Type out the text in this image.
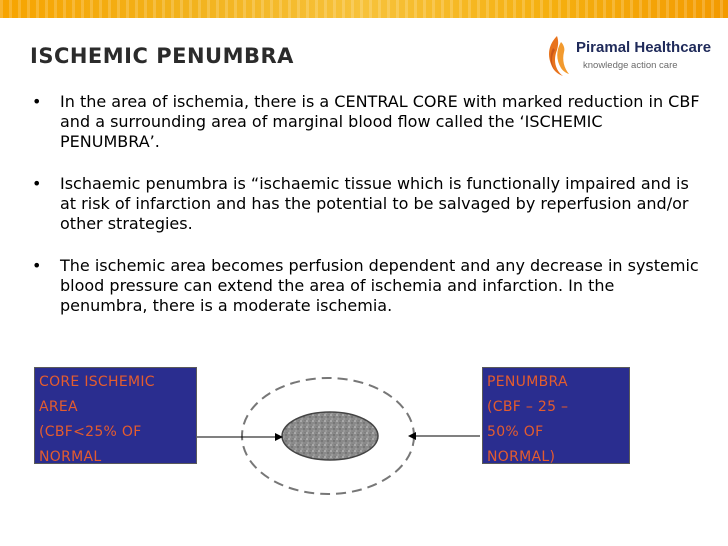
ISCHEMIC PENUMBRA	Piramal Healthcare
knowledge action care
• In the area of ischemia, there is a CENTRAL CORE with marked reduction in CBF and a surrounding area of marginal blood flow called the ‘ISCHEMIC PENUMBRA’.
• Ischaemic penumbra is “ischaemic tissue which is functionally impaired and is at risk of infarction and has the potential to be salvaged by reperfusion and/or other strategies.
• The ischemic area becomes perfusion dependent and any decrease in systemic blood pressure can extend the area of ischemia and infarction. In the penumbra, there is a moderate ischemia.
CORE ISCHEMIC
AREA
(CBF<25% OF
NORMAL
PENUMBRA
(CBF – 25 –
50% OF
NORMAL)
